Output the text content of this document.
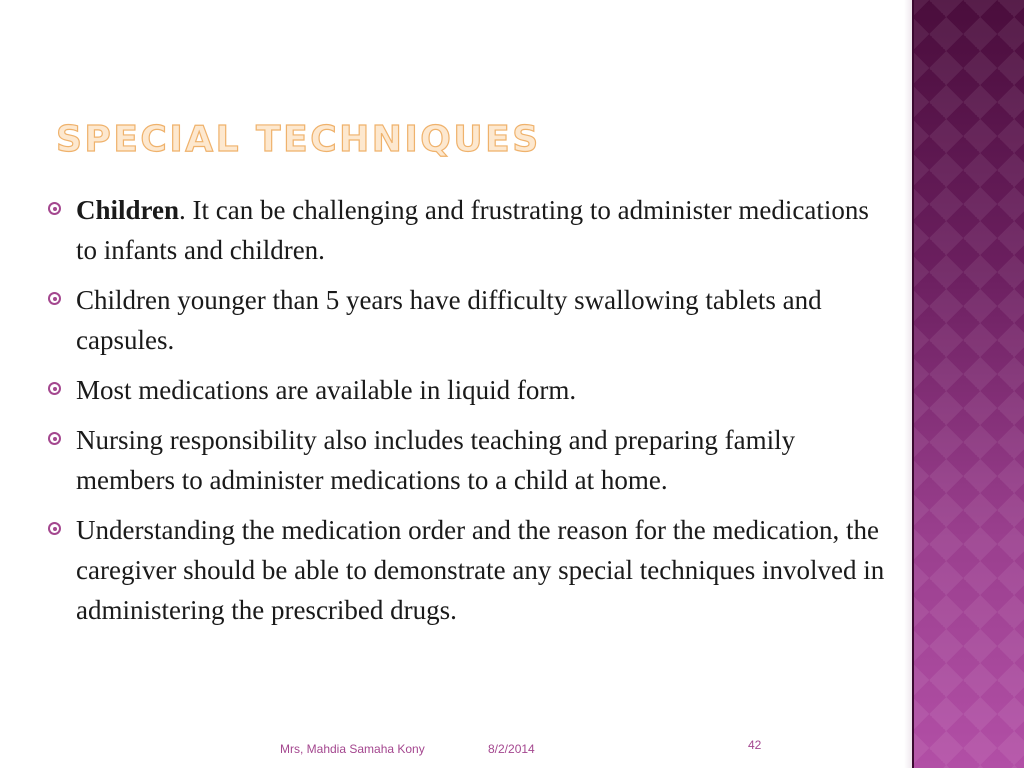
SPECIAL TECHNIQUES
Children. It can be challenging and frustrating to administer medications to infants and children.
Children younger than 5 years have difficulty swallowing tablets and capsules.
Most medications are available in liquid form.
Nursing responsibility also includes teaching and preparing family members to administer medications to a child at home.
Understanding the medication order and the reason for the medication, the caregiver should be able to demonstrate any special techniques involved in administering the prescribed drugs.
Mrs, Mahdia Samaha Kony	8/2/2014	42
